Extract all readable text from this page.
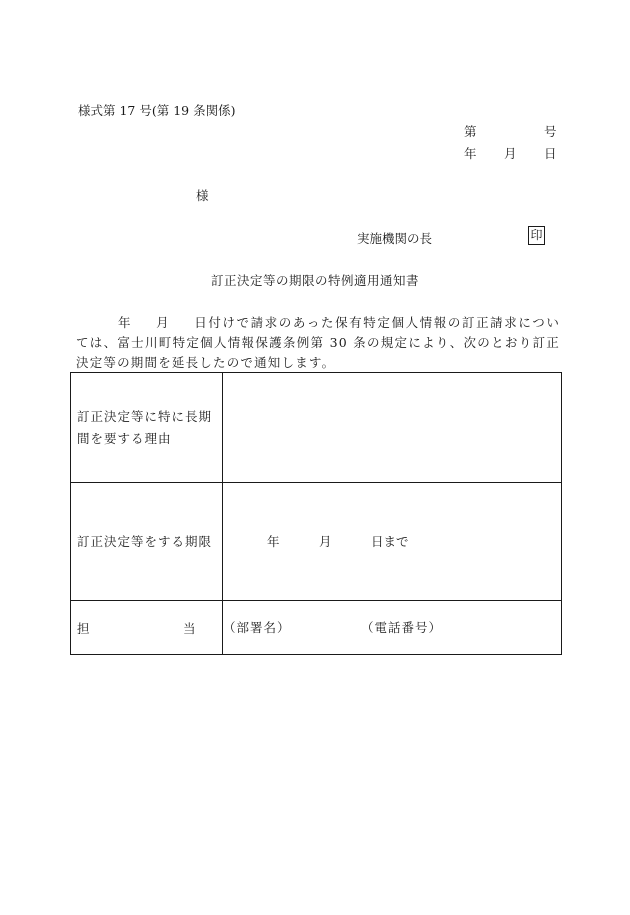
様式第 17 号(第 19 条関係)
第	号
年 月 日
様
実施機関の長	印
訂正決定等の期限の特例適用通知書
年 月 日付けで請求のあった保有特定個人情報の訂正請求については、富士川町特定個人情報保護条例第 30 条の規定により、次のとおり訂正決定等の期間を延長したので通知します。
訂正決定等に特に長期間を要する理由	

訂正決定等をする期限	年 月 日まで

担 当	（部署名） （電話番号）
